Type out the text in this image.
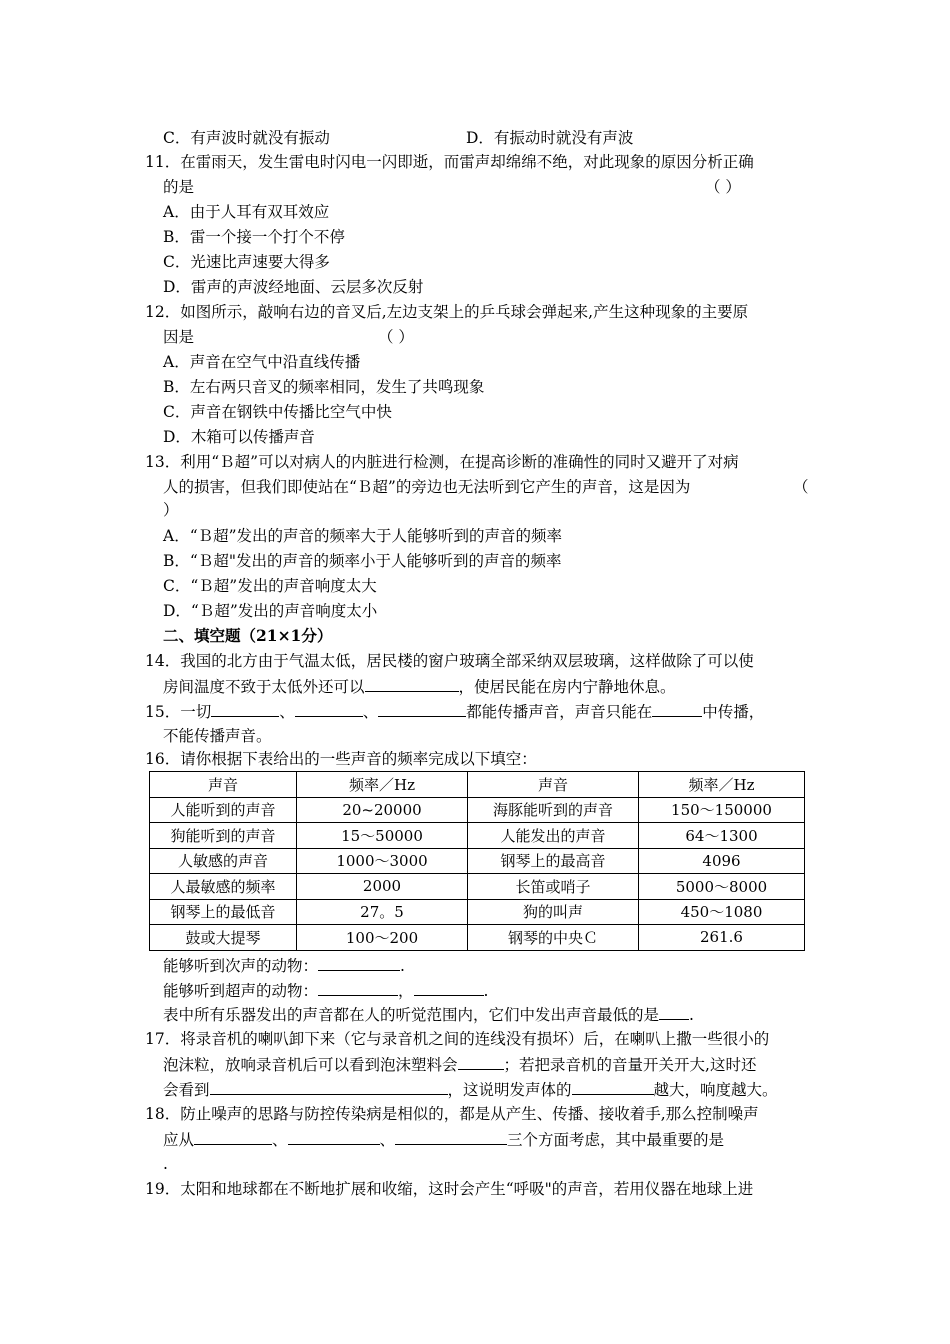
C．有声波时就没有振动	D．有振动时就没有声波
11．在雷雨天，发生雷电时闪电一闪即逝，而雷声却绵绵不绝，对此现象的原因分析正确
的是	（ ）
A．由于人耳有双耳效应
B．雷一个接一个打个不停
C．光速比声速要大得多
D．雷声的声波经地面、云层多次反射
12．如图所示，敲响右边的音叉后,左边支架上的乒乓球会弹起来,产生这种现象的主要原
因是	（ ）
A．声音在空气中沿直线传播
B．左右两只音叉的频率相同，发生了共鸣现象
C．声音在钢铁中传播比空气中快
D．木箱可以传播声音
13．利用“Ｂ超”可以对病人的内脏进行检测，在提高诊断的准确性的同时又避开了对病
人的损害，但我们即使站在“Ｂ超”的旁边也无法听到它产生的声音，这是因为	（
）
A．“Ｂ超”发出的声音的频率大于人能够听到的声音的频率
B．“Ｂ超"发出的声音的频率小于人能够听到的声音的频率
C．“Ｂ超”发出的声音响度太大
D．“Ｂ超”发出的声音响度太小
二、填空题（21×1分）
14．我国的北方由于气温太低，居民楼的窗户玻璃全部采纳双层玻璃，这样做除了可以使
房间温度不致于太低外还可以	，使居民能在房内宁静地休息。
15．一切	、	、	都能传播声音，声音只能在	中传播，
不能传播声音。
16．请你根据下表给出的一些声音的频率完成以下填空：
声音	频率／Hz	声音	频率／Hz
人能听到的声音	20~20000	海豚能听到的声音	150～150000
狗能听到的声音	15～50000	人能发出的声音	64～1300
人敏感的声音	1000～3000	钢琴上的最高音	4096
人最敏感的频率	2000	长笛或哨子	5000～8000
钢琴上的最低音	27。5	狗的叫声	450～1080
鼓或大提琴	100～200	钢琴的中央Ｃ	261.6
能够听到次声的动物：	.
能够听到超声的动物：	，	.
表中所有乐器发出的声音都在人的听觉范围内，它们中发出声音最低的是 .
17．将录音机的喇叭卸下来（它与录音机之间的连线没有损坏）后，在喇叭上撒一些很小的
泡沫粒，放响录音机后可以看到泡沫塑料会	；若把录音机的音量开关开大,这时还
会看到	，这说明发声体的	越大，响度越大。
18．防止噪声的思路与防控传染病是相似的，都是从产生、传播、接收着手,那么控制噪声
应从	、	、	三个方面考虑，其中最重要的是
.
19．太阳和地球都在不断地扩展和收缩，这时会产生“呼吸"的声音，若用仪器在地球上进
